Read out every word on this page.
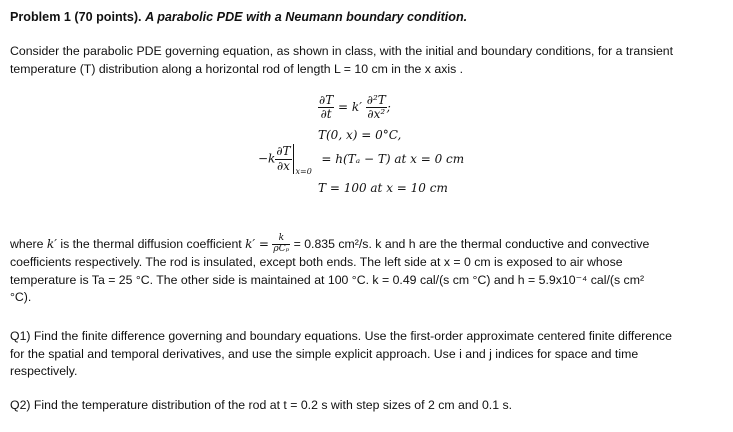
Problem 1 (70 points). A parabolic PDE with a Neumann boundary condition.
Consider the parabolic PDE governing equation, as shown in class, with the initial and boundary conditions, for a transient
temperature (T) distribution along a horizontal rod of length L = 10 cm in the x axis .
$\frac{\partial T}{\partial t} = k' \frac{\text{∂²T}}{\text{∂x²}}$ ;
T(0, x) = 0°C,
$-k \frac{\partial T}{\partial x} x=0$
= h(Tₐ − T) at x = 0 cm
T = 100 at x = 10 cm
where k′ is the thermal diffusion coefficient $k' = \frac{k}{\text{ρCₚ}} = 0.835$ cm²/s. k and h are the thermal conductive and convective
coefficients respectively. The rod is insulated, except both ends. The left side at x = 0 cm is exposed to air whose
temperature is Ta = 25 °C. The other side is maintained at 100 °C. k = 0.49 cal/(s cm °C) and h = 5.9x10⁻⁴ cal/(s cm²
°C).
Q1) Find the finite difference governing and boundary equations. Use the first-order approximate centered finite difference
for the spatial and temporal derivatives, and use the simple explicit approach. Use i and j indices for space and time
respectively.
Q2) Find the temperature distribution of the rod at t = 0.2 s with step sizes of 2 cm and 0.1 s.
